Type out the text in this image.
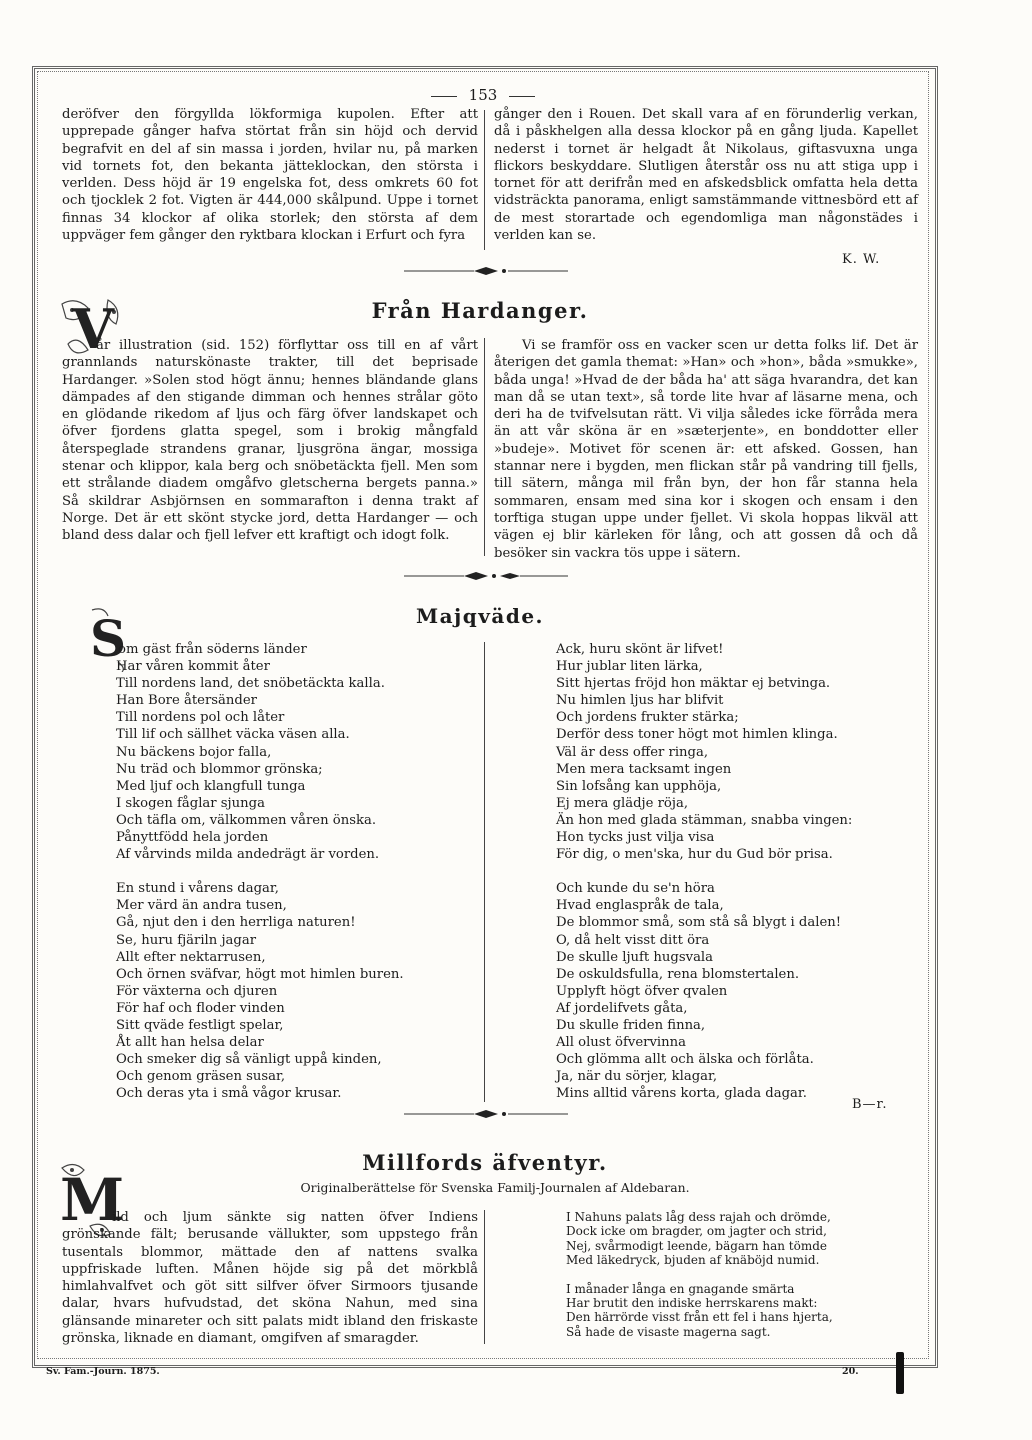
153

deröfver den förgyllda lökformiga kupolen. Efter att upprepade gånger hafva störtat från sin höjd och dervid begrafvit en del af sin massa i jorden, hvilar nu, på marken vid tornets fot, den bekanta jätteklockan, den största i verlden. Dess höjd är 19 engelska fot, dess omkrets 60 fot och tjocklek 2 fot. Vigten är 444,000 skålpund. Uppe i tornet finnas 34 klockor af olika storlek; den största af dem uppväger fem gånger den ryktbara klockan i Erfurt och fyra

gånger den i Rouen. Det skall vara af en förunderlig verkan, då i påskhelgen alla dessa klockor på en gång ljuda. Kapellet nederst i tornet är helgadt åt Nikolaus, giftasvuxna unga flickors beskyddare. Slutligen återstår oss nu att stiga upp i tornet för att derifrån med en afskedsblick omfatta hela detta vidsträckta panorama, enligt samstämmande vittnesbörd ett af de mest storartade och egendomliga man någonstädes i verlden kan se.

K. W.
Från Hardanger.
V

år illustration (sid. 152) förflyttar oss till en af vårt grannlands naturskönaste trakter, till det beprisade Hardanger. »Solen stod högt ännu; hennes bländande glans dämpades af den stigande dimman och hennes strålar göto en glödande rikedom af ljus och färg öfver landskapet och öfver fjordens glatta spegel, som i brokig mångfald återspeglade strandens granar, ljusgröna ängar, mossiga stenar och klippor, kala berg och snöbetäckta fjell. Men som ett strålande diadem omgåfvo gletscherna bergets panna.» Så skildrar Asbjörnsen en sommarafton i denna trakt af Norge. Det är ett skönt stycke jord, detta Hardanger — och bland dess dalar och fjell lefver ett kraftigt och idogt folk.

Vi se framför oss en vacker scen ur detta folks lif. Det är återigen det gamla themat: »Han» och »hon», båda »smukke», båda unga! »Hvad de der båda ha' att säga hvarandra, det kan man då se utan text», så torde lite hvar af läsarne mena, och deri ha de tvifvelsutan rätt. Vi vilja således icke förråda mera än att vår sköna är en »sæterjente», en bonddotter eller »budeje». Motivet för scenen är: ett afsked. Gossen, han stannar nere i bygden, men flickan står på vandring till fjells, till sätern, många mil från byn, der hon får stanna hela sommaren, ensam med sina kor i skogen och ensam i den torftiga stugan uppe under fjellet. Vi skola hoppas likväl att vägen ej blir kärleken för lång, och att gossen då och då besöker sin vackra tös uppe i sätern.

Majqväde.
S
om gäst från söderns länder
Har våren kommit åter
Till nordens land, det snöbetäckta kalla.
Han Bore återsänder
Till nordens pol och låter
Till lif och sällhet väcka väsen alla.
Nu bäckens bojor falla,
Nu träd och blommor grönska;
Med ljuf och klangfull tunga
I skogen fåglar sjunga
Och täfla om, välkommen våren önska.
Pånyttfödd hela jorden
Af vårvinds milda andedrägt är vorden.
En stund i vårens dagar,
Mer värd än andra tusen,
Gå, njut den i den herrliga naturen!
Se, huru fjäriln jagar
Allt efter nektarrusen,
Och örnen sväfvar, högt mot himlen buren.
För växterna och djuren
För haf och floder vinden
Sitt qväde festligt spelar,
Åt allt han helsa delar
Och smeker dig så vänligt uppå kinden,
Och genom gräsen susar,
Och deras yta i små vågor krusar.
Ack, huru skönt är lifvet!
Hur jublar liten lärka,
Sitt hjertas fröjd hon mäktar ej betvinga.
Nu himlen ljus har blifvit
Och jordens frukter stärka;
Derför dess toner högt mot himlen klinga.
Väl är dess offer ringa,
Men mera tacksamt ingen
Sin lofsång kan upphöja,
Ej mera glädje röja,
Än hon med glada stämman, snabba vingen:
Hon tycks just vilja visa
För dig, o men'ska, hur du Gud bör prisa.
Och kunde du se'n höra
Hvad englaspråk de tala,
De blommor små, som stå så blygt i dalen!
O, då helt visst ditt öra
De skulle ljuft hugsvala
De oskuldsfulla, rena blomstertalen.
Upplyft högt öfver qvalen
Af jordelifvets gåta,
Du skulle friden finna,
All olust öfvervinna
Och glömma allt och älska och förlåta.
Ja, när du sörjer, klagar,
Mins alltid vårens korta, glada dagar.
B—r.
Millfords äfventyr.
Originalberättelse för Svenska Familj-Journalen af Aldebaran.
M

ild och ljum sänkte sig natten öfver Indiens grönskande fält; berusande vällukter, som uppstego från tusentals blommor, mättade den af nattens svalka uppfriskade luften. Månen höjde sig på det mörkblå himlahvalfvet och göt sitt silfver öfver Sirmoors tjusande dalar, hvars hufvudstad, det sköna Nahun, med sina glänsande minareter och sitt palats midt ibland den friskaste grönska, liknade en diamant, omgifven af smaragder.

I Nahuns palats låg dess rajah och drömde,
Dock icke om bragder, om jagter och strid,
Nej, svårmodigt leende, bägarn han tömde
Med läkedryck, bjuden af knäböjd numid.
I månader långa en gnagande smärta
Har brutit den indiske herrskarens makt:
Den härrörde visst från ett fel i hans hjerta,
Så hade de visaste magerna sagt.
Sv. Fam.-Journ. 1875.	20.
